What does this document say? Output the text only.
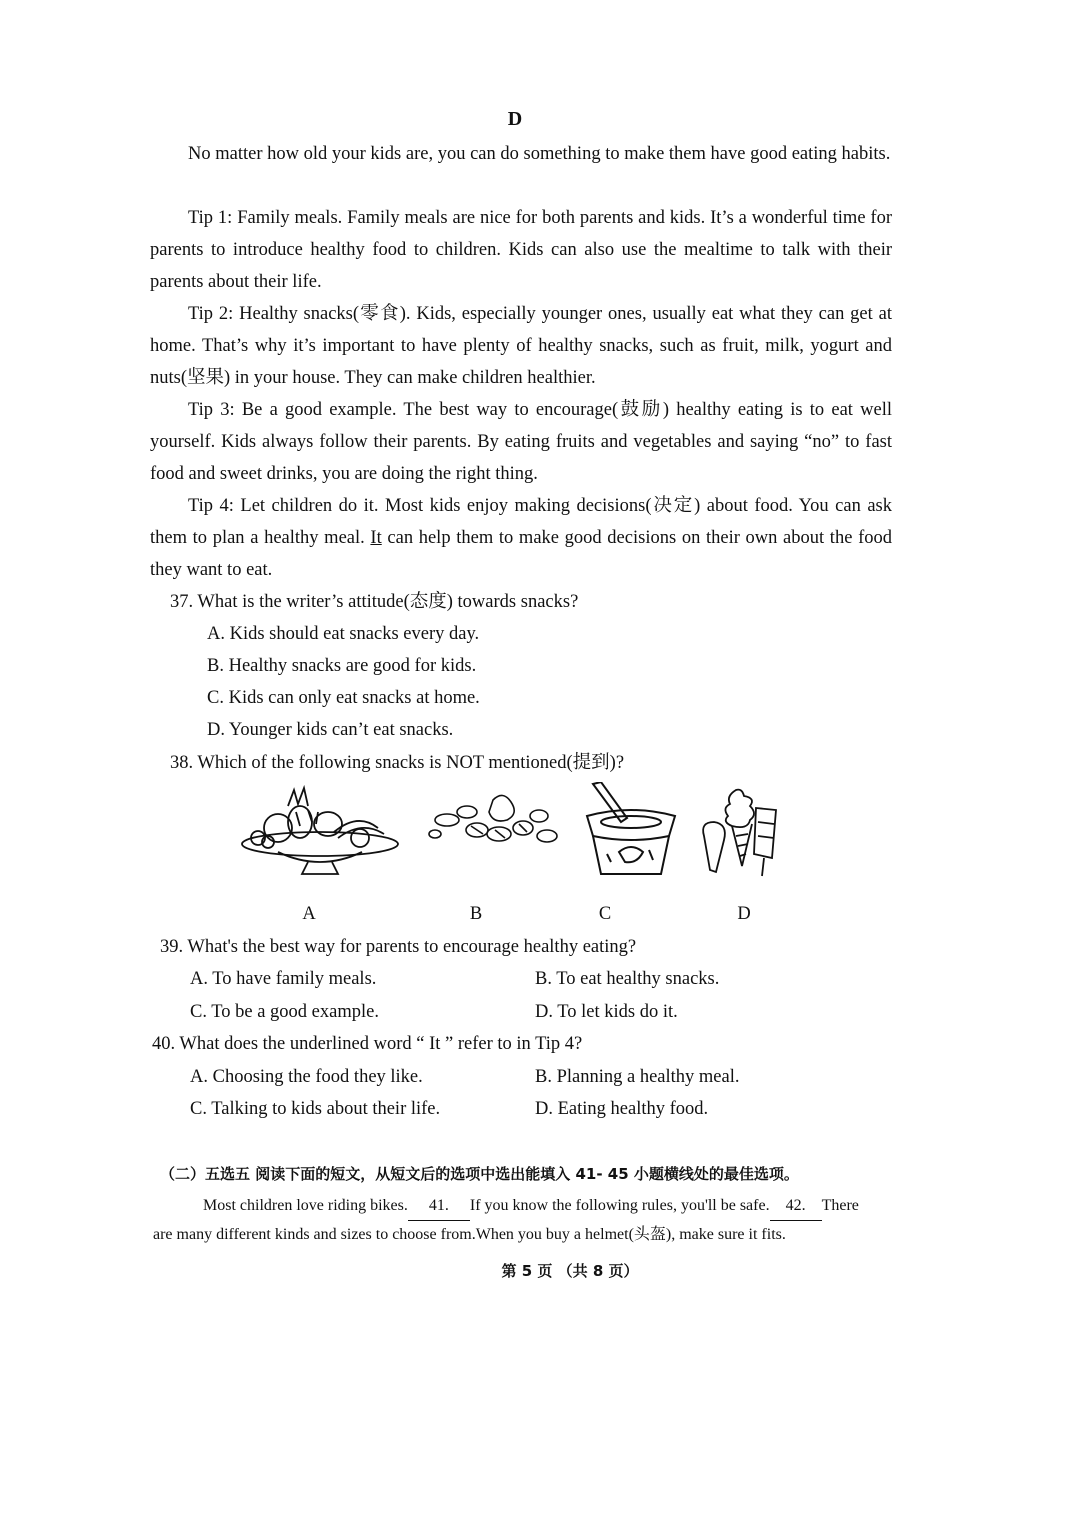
D
No matter how old your kids are, you can do something to make them have good eating habits.
Tip 1: Family meals. Family meals are nice for both parents and kids. It’s a wonderful time for parents to introduce healthy food to children. Kids can also use the mealtime to talk with their parents about their life.
Tip 2: Healthy snacks(零食). Kids, especially younger ones, usually eat what they can get at home. That’s why it’s important to have plenty of healthy snacks, such as fruit, milk, yogurt and nuts(坚果) in your house. They can make children healthier.
Tip 3: Be a good example. The best way to encourage(鼓励) healthy eating is to eat well yourself. Kids always follow their parents. By eating fruits and vegetables and saying “no” to fast food and sweet drinks, you are doing the right thing.
Tip 4: Let children do it. Most kids enjoy making decisions(决定) about food. You can ask them to plan a healthy meal. It can help them to make good decisions on their own about the food they want to eat.
37. What is the writer’s attitude(态度) towards snacks?
A. Kids should eat snacks every day.
B. Healthy snacks are good for kids.
C. Kids can only eat snacks at home.
D. Younger kids can’t eat snacks.
38. Which of the following snacks is NOT mentioned(提到)?
A	B	C	D
39. What's the best way for parents to encourage healthy eating?
A. To have family meals.	B. To eat healthy snacks.
C. To be a good example.	D. To let kids do it.
40. What does the underlined word “ It ” refer to in Tip 4?
A. Choosing the food they like.	B. Planning a healthy meal.
C. Talking to kids about their life.	D. Eating healthy food.
（二）五选五 阅读下面的短文，从短文后的选项中选出能填入 41- 45 小题横线处的最佳选项。
Most children love riding bikes. 41. If you know the following rules, you'll be safe. 42. There
are many different kinds and sizes to choose from.When you buy a helmet(头盔), make sure it fits.
第 5 页 （共 8 页）
